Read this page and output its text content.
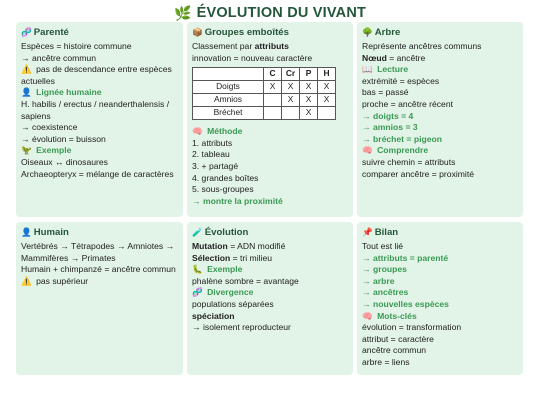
🌿 ÉVOLUTION DU VIVANT
🧬 Parenté
Espèces = histoire commune
→ ancêtre commun
⚠️ pas de descendance entre espèces actuelles
👤 Lignée humaine
H. habilis / erectus / neanderthalensis / sapiens
→ coexistence
→ évolution = buisson
🦖 Exemple
Oiseaux ↔ dinosaures
Archaeopteryx = mélange de caractères
📦 Groupes emboîtés
Classement par attributs
innovation = nouveau caractère
	C	Cr	P	H
Doigts	X	X	X	X
Amnios		X	X	X
Bréchet			X	
🧠 Méthode
1. attributs
2. tableau
3. + partagé
4. grandes boîtes
5. sous-groupes
→ montre la proximité
🌳 Arbre
Représente ancêtres communs
Nœud = ancêtre
📖 Lecture
extrémité = espèces
bas = passé
proche = ancêtre récent
→ doigts = 4
→ amnios = 3
→ bréchet = pigeon
🧠 Comprendre
suivre chemin = attributs
comparer ancêtre = proximité
👤 Humain
Vertébrés → Tétrapodes → Amniotes → Mammifères → Primates
Humain + chimpanzé = ancêtre commun
⚠️ pas supérieur
🧪 Évolution
Mutation = ADN modifié
Sélection = tri milieu
🐛 Exemple
phalène sombre = avantage
🧬 Divergence
populations séparées
spéciation
→ isolement reproducteur
📌 Bilan
Tout est lié
→ attributs = parenté
→ groupes
→ arbre
→ ancêtres
→ nouvelles espèces
🧠 Mots-clés
évolution = transformation
attribut = caractère
ancêtre commun
arbre = liens
